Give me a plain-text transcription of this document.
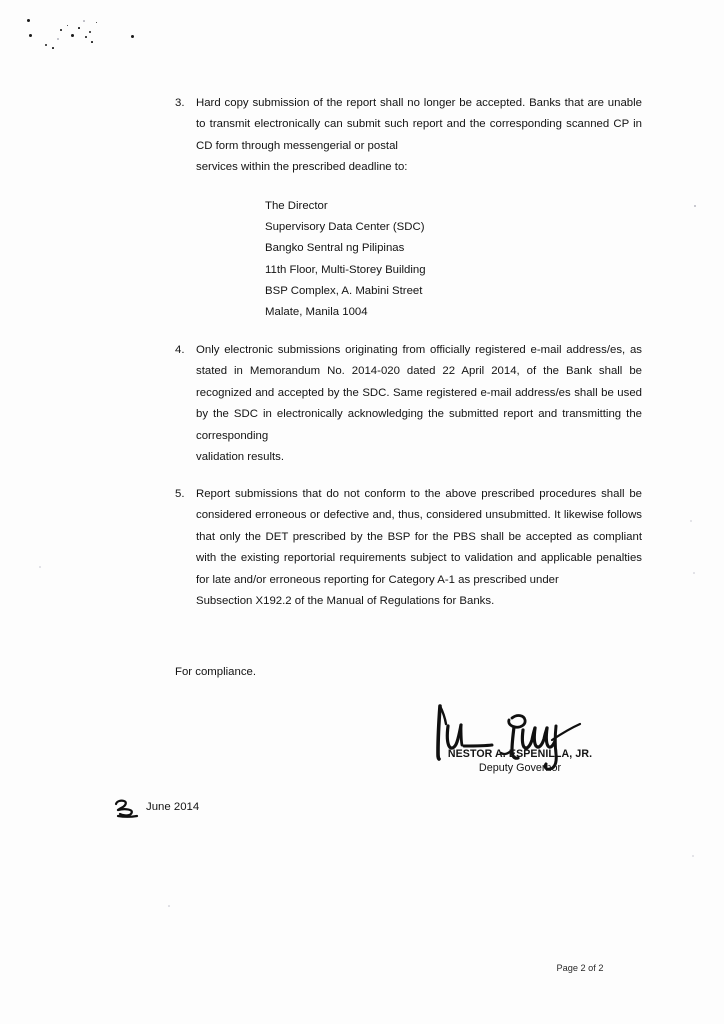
3.	Hard copy submission of the report shall no longer be accepted. Banks that are unable to transmit electronically can submit such report and the corresponding scanned CP in CD form through messengerial or postal
services within the prescribed deadline to:
The Director
Supervisory Data Center (SDC)
Bangko Sentral ng Pilipinas
11th Floor, Multi-Storey Building
BSP Complex, A. Mabini Street
Malate, Manila 1004
4.	Only electronic submissions originating from officially registered e-mail address/es, as stated in Memorandum No. 2014-020 dated 22 April 2014, of the Bank shall be recognized and accepted by the SDC. Same registered e-mail address/es shall be used by the SDC in electronically acknowledging the submitted report and transmitting the corresponding
validation results.
5.	Report submissions that do not conform to the above prescribed procedures shall be considered erroneous or defective and, thus, considered unsubmitted. It likewise follows that only the DET prescribed by the BSP for the PBS shall be accepted as compliant with the existing reportorial requirements subject to validation and applicable penalties for late and/or erroneous reporting for Category A-1 as prescribed under
Subsection X192.2 of the Manual of Regulations for Banks.
For compliance.
NESTOR A. ESPENILLA, JR.
Deputy Governor
June 2014
Page 2 of 2
